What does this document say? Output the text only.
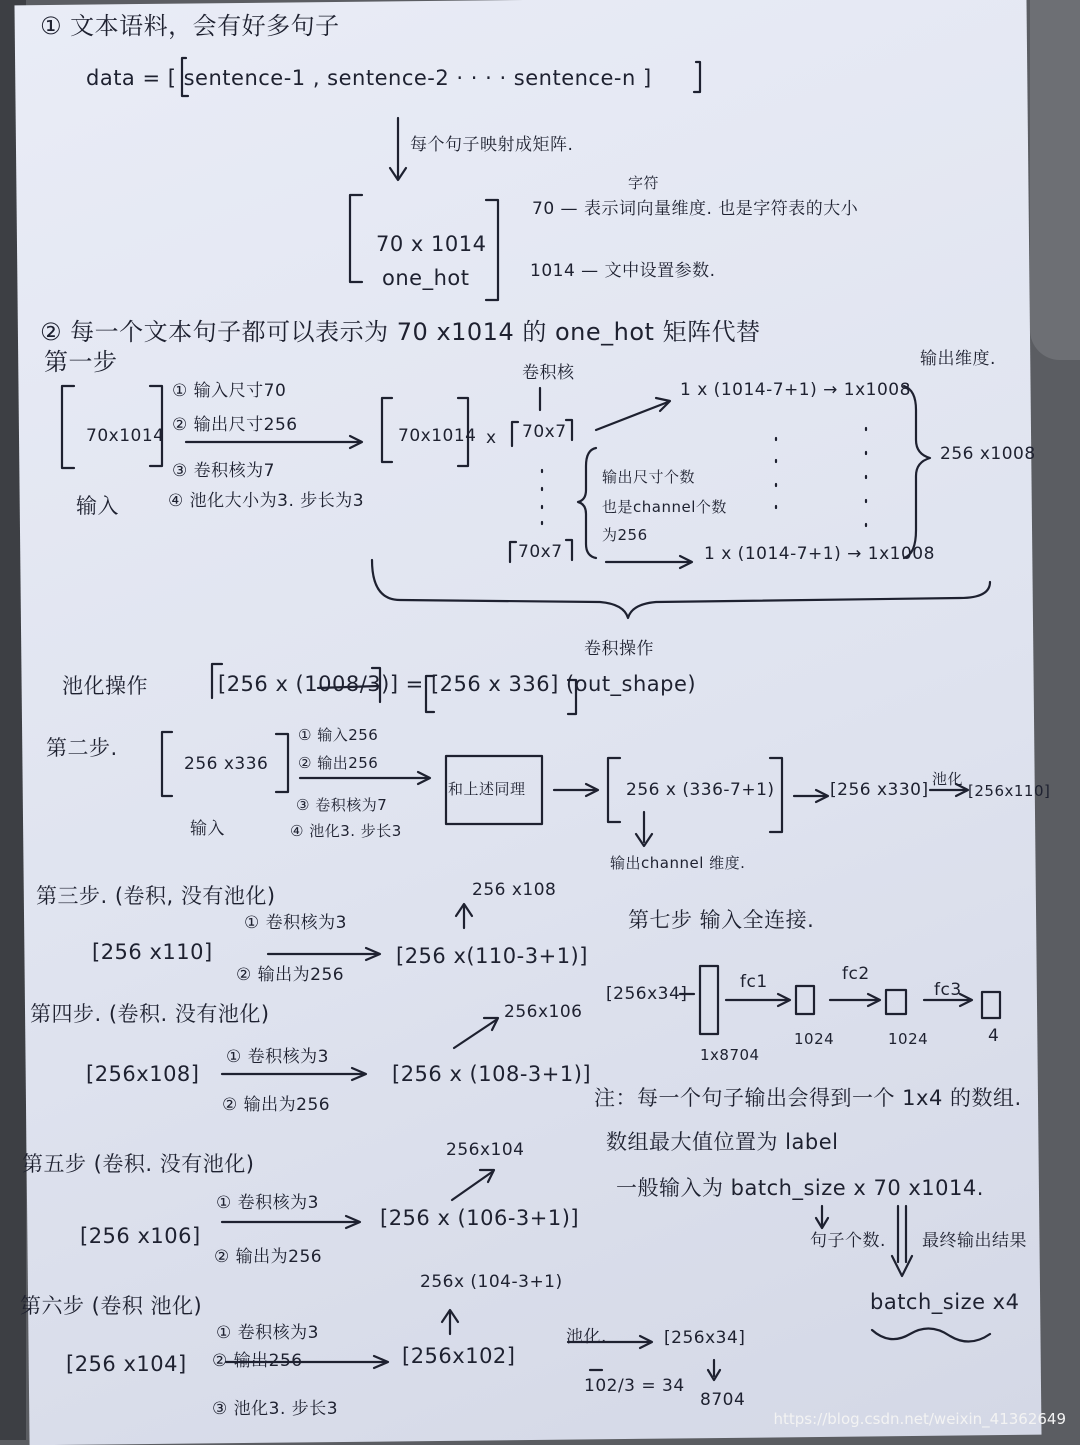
① 文本语料，会有好多句子
data = [ sentence-1 , sentence-2 · · · · sentence-n ]
每个句子映射成矩阵.
70 x 1014
one_hot
字符
70 — 表示词向量维度. 也是字符表的大小
1014 — 文中设置参数.
② 每一个文本句子都可以表示为 70 x1014 的 one_hot 矩阵代替
第一步
70x1014
输入
① 输入尺寸70
② 输出尺寸256
③ 卷积核为7
④ 池化大小为3. 步长为3
70x1014 x
卷积核
70x7
70x7
1 x (1014-7+1) → 1x1008
1 x (1014-7+1) → 1x1008
输出尺寸个数
也是channel个数
为256
输出维度.
256 x1008
卷积操作
池化操作	[256 x (1008/3)] = [256 x 336] (out_shape)
第二步.
256 x336
输入
① 输入256
② 输出256
③ 卷积核为7
④ 池化3. 步长3
和上述同理	256 x (336-7+1)
输出channel 维度.
[256 x330]
池化
[256x110]
第三步. (卷积, 没有池化)
[256 x110]
① 卷积核为3
② 输出为256
[256 x(110-3+1)]
256 x108
第四步. (卷积. 没有池化)
[256x108]
① 卷积核为3
② 输出为256
[256 x (108-3+1)]
256x106
第五步 (卷积. 没有池化)
[256 x106]
① 卷积核为3
② 输出为256
[256 x (106-3+1)]
256x104
第六步 (卷积 池化)
[256 x104]
① 卷积核为3
② 输出256
③ 池化3. 步长3
[256x102]
256x (104-3+1)
池化.	[256x34]
102/3 = 34
8704
第七步 输入全连接.
[256x34]
1x8704
fc1	fc2
fc3
1024	1024	4
注：每一个句子输出会得到一个 1x4 的数组.
数组最大值位置为 label
一般输入为 batch_size x 70 x1014.
句子个数. 最终输出结果
batch_size x4
https://blog.csdn.net/weixin_41362649
